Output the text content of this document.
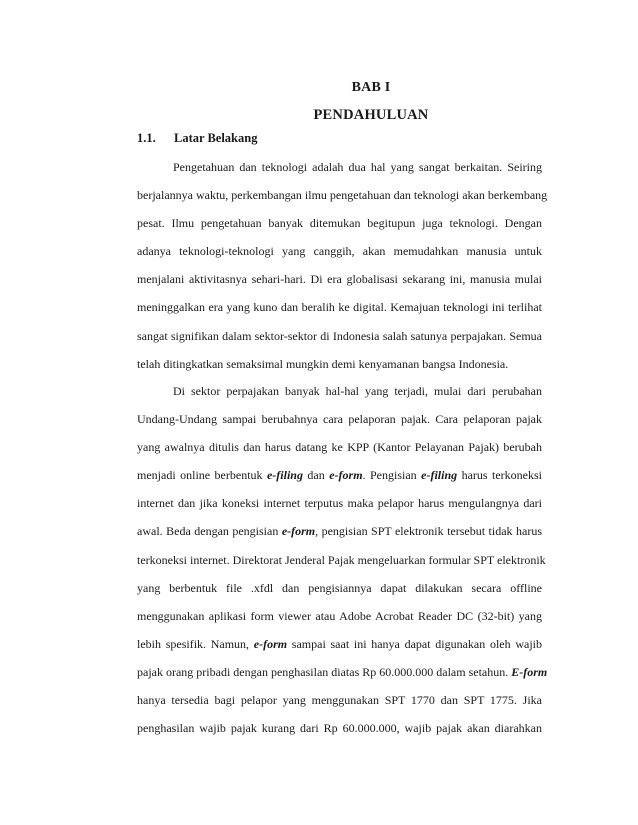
BAB I
PENDAHULUAN
1.1. Latar Belakang
Pengetahuan dan teknologi adalah dua hal yang sangat berkaitan. Seiring
berjalannya waktu, perkembangan ilmu pengetahuan dan teknologi akan berkembang
pesat. Ilmu pengetahuan banyak ditemukan begitupun juga teknologi. Dengan
adanya teknologi-teknologi yang canggih, akan memudahkan manusia untuk
menjalani aktivitasnya sehari-hari. Di era globalisasi sekarang ini, manusia mulai
meninggalkan era yang kuno dan beralih ke digital. Kemajuan teknologi ini terlihat
sangat signifikan dalam sektor-sektor di Indonesia salah satunya perpajakan. Semua
telah ditingkatkan semaksimal mungkin demi kenyamanan bangsa Indonesia.
Di sektor perpajakan banyak hal-hal yang terjadi, mulai dari perubahan
Undang-Undang sampai berubahnya cara pelaporan pajak. Cara pelaporan pajak
yang awalnya ditulis dan harus datang ke KPP (Kantor Pelayanan Pajak) berubah
menjadi online berbentuk e-filing dan e-form. Pengisian e-filing harus terkoneksi
internet dan jika koneksi internet terputus maka pelapor harus mengulangnya dari
awal. Beda dengan pengisian e-form, pengisian SPT elektronik tersebut tidak harus
terkoneksi internet. Direktorat Jenderal Pajak mengeluarkan formular SPT elektronik
yang berbentuk file .xfdl dan pengisiannya dapat dilakukan secara offline
menggunakan aplikasi form viewer atau Adobe Acrobat Reader DC (32-bit) yang
lebih spesifik. Namun, e-form sampai saat ini hanya dapat digunakan oleh wajib
pajak orang pribadi dengan penghasilan diatas Rp 60.000.000 dalam setahun. E-form
hanya tersedia bagi pelapor yang menggunakan SPT 1770 dan SPT 1775. Jika
penghasilan wajib pajak kurang dari Rp 60.000.000, wajib pajak akan diarahkan
